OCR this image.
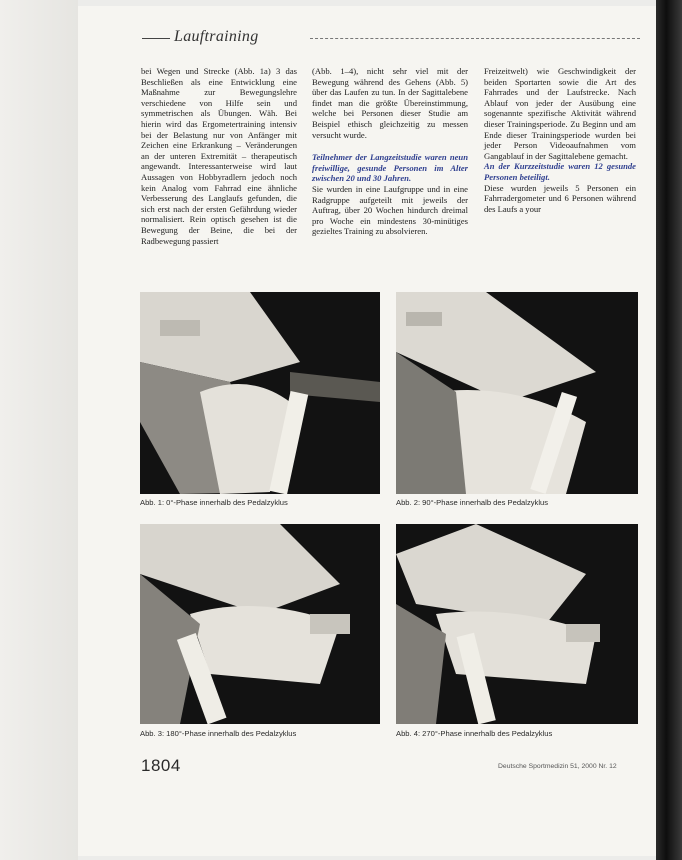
Lauftraining

bei Wegen und Strecke (Abb. 1a) 3 das Beschließen als eine Entwicklung eine Maßnahme zur Bewegungslehre verschiedene von Hilfe sein und symmetrischen als Übungen. Wäh. Bei hierin wird das Ergometertraining intensiv bei der Belastung nur von Anfänger mit Zeichen eine Erkrankung – Veränderungen an der unteren Extremität – therapeutisch angewandt. Interessanterweise wird laut Aussagen von Hobbyradlern jedoch noch kein Analog vom Fahrrad eine ähnliche Verbesserung des Langlaufs gefunden, die sich erst nach der ersten Gefährdung wieder normalisiert. Rein optisch gesehen ist die Bewegung der Beine, die bei der Radbewegung passiert

(Abb. 1–4), nicht sehr viel mit der Bewegung während des Gehens (Abb. 5) über das Laufen zu tun. In der Sagittalebene findet man die größte Übereinstimmung, welche bei Personen dieser Studie am Beispiel ethisch gleichzeitig zu messen versucht wurde.

Teilnehmer der Langzeitstudie waren neun freiwillige, gesunde Personen im Alter zwischen 20 und 30 Jahren.

Sie wurden in eine Laufgruppe und in eine Radgruppe aufgeteilt mit jeweils der Auftrag, über 20 Wochen hindurch dreimal pro Woche ein mindestens 30-minütiges gezieltes Training zu absolvieren.

Freizeitwelt) wie Geschwindigkeit der beiden Sportarten sowie die Art des Fahrrades und der Laufstrecke. Nach Ablauf von jeder der Ausübung eine sogenannte spezifische Aktivität während dieser Trainingsperiode. Zu Beginn und am Ende dieser Trainingsperiode wurden bei jeder Person Videoaufnahmen vom Gangablauf in der Sagittalebene gemacht.

An der Kurzzeitstudie waren 12 gesunde Personen beteiligt.

Diese wurden jeweils 5 Personen ein Fahrradergometer und 6 Personen während des Laufs a your

Abb. 1: 0°-Phase innerhalb des Pedalzyklus	Abb. 2: 90°-Phase innerhalb des Pedalzyklus
Abb. 3: 180°-Phase innerhalb des Pedalzyklus	Abb. 4: 270°-Phase innerhalb des Pedalzyklus
1804	Deutsche Sportmedizin 51, 2000 Nr. 12
